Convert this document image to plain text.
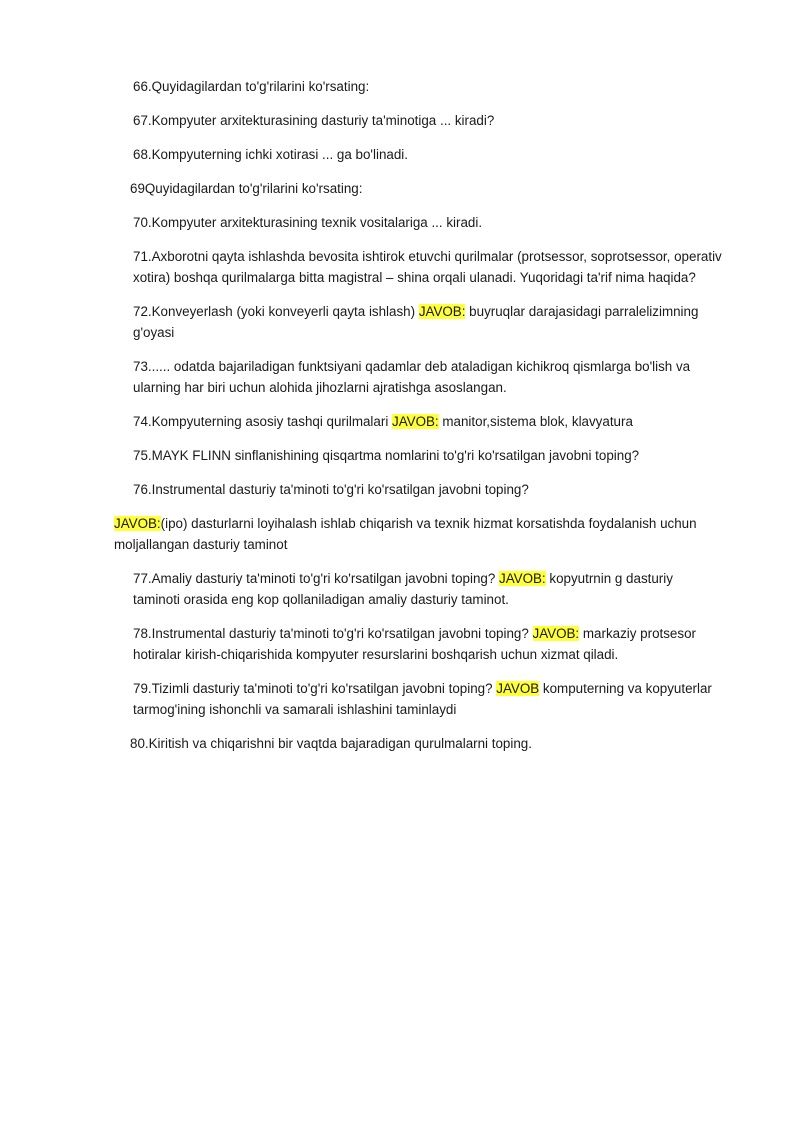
66.Quyidagilardan to'g'rilarini ko'rsating:
67.Kompyuter arxitekturasining dasturiy ta'minotiga ... kiradi?
68.Kompyuterning ichki xotirasi ... ga bo'linadi.
69Quyidagilardan to'g'rilarini ko'rsating:
70.Kompyuter arxitekturasining texnik vositalariga ... kiradi.
71.Axborotni qayta ishlashda bevosita ishtirok etuvchi qurilmalar (protsessor, soprotsessor, operativ
xotira) boshqa qurilmalarga bitta magistral – shina orqali ulanadi. Yuqoridagi ta'rif nima haqida?
72.Konveyerlash (yoki konveyerli qayta ishlash) JAVOB: buyruqlar darajasidagi parralelizimning
g'oyasi
73...... odatda bajariladigan funktsiyani qadamlar deb ataladigan kichikroq qismlarga bo'lish va
ularning har biri uchun alohida jihozlarni ajratishga asoslangan.
74.Kompyuterning asosiy tashqi qurilmalari JAVOB: manitor,sistema blok, klavyatura
75.MAYK FLINN sinflanishining qisqartma nomlarini to'g'ri ko'rsatilgan javobni toping?
76.Instrumental dasturiy ta'minoti to'g'ri ko'rsatilgan javobni toping?
JAVOB:(ipo) dasturlarni loyihalash ishlab chiqarish va texnik hizmat korsatishda foydalanish uchun
moljallangan dasturiy taminot
77.Amaliy dasturiy ta'minoti to'g'ri ko'rsatilgan javobni toping? JAVOB: kopyutrnin g dasturiy
taminoti orasida eng kop qollaniladigan amaliy dasturiy taminot.
78.Instrumental dasturiy ta'minoti to'g'ri ko'rsatilgan javobni toping? JAVOB: markaziy protsesor
hotiralar kirish-chiqarishida kompyuter resurslarini boshqarish uchun xizmat qiladi.
79.Tizimli dasturiy ta'minoti to'g'ri ko'rsatilgan javobni toping? JAVOB komputerning va kopyuterlar
tarmog'ining ishonchli va samarali ishlashini taminlaydi
80.Kiritish va chiqarishni bir vaqtda bajaradigan qurulmalarni toping.
